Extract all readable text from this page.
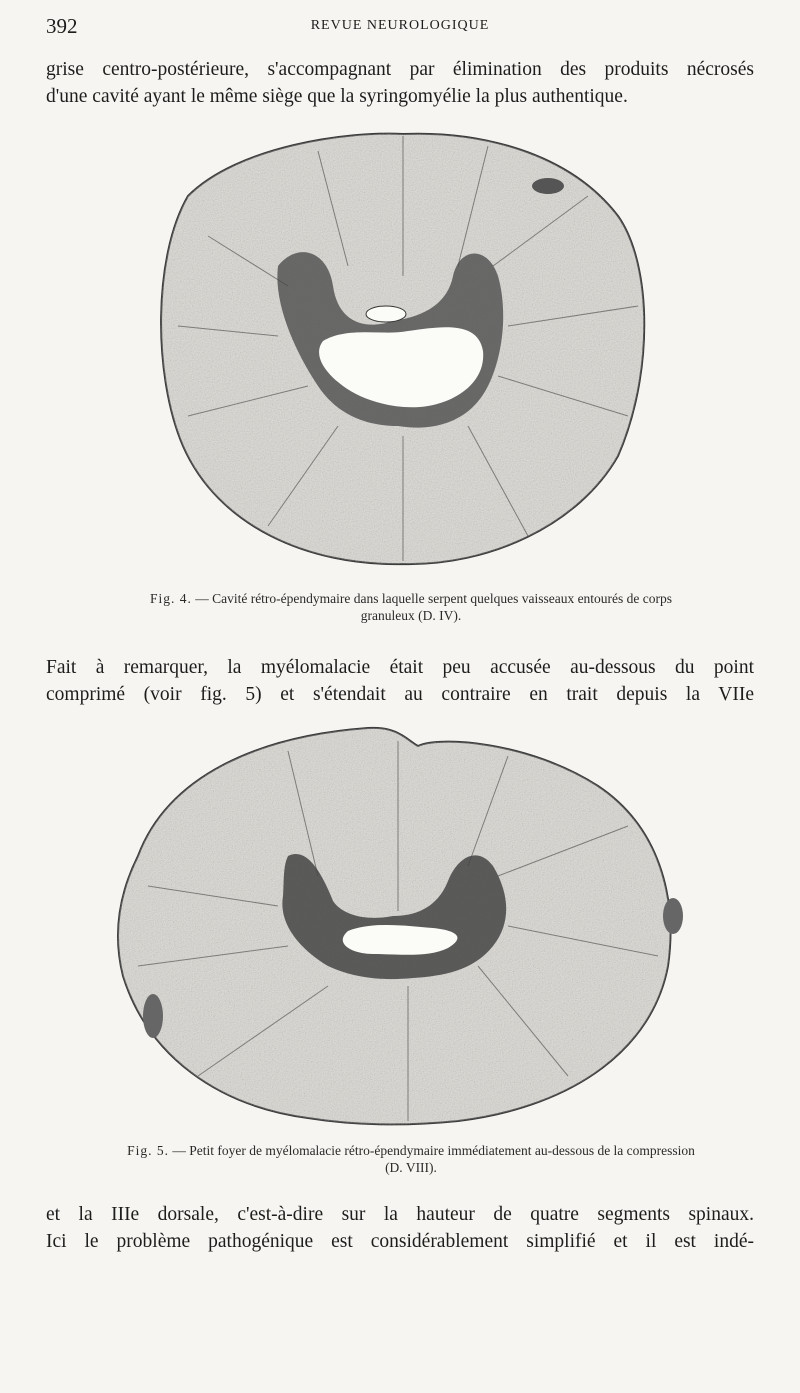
392	REVUE NEUROLOGIQUE

grise centro-postérieure, s'accompagnant par élimination des produits nécrosés

d'une cavité ayant le même siège que la syringomyélie la plus authentique.

Fig. 4. — Cavité rétro-épendymaire dans laquelle serpent quelques vaisseaux entourés de corps
granuleux (D. IV).

Fait à remarquer, la myélomalacie était peu accusée au-dessous du point

comprimé (voir fig. 5) et s'étendait au contraire en trait depuis la VIIe

Fig. 5. — Petit foyer de myélomalacie rétro-épendymaire immédiatement au-dessous de la compression
(D. VIII).

et la IIIe dorsale, c'est-à-dire sur la hauteur de quatre segments spinaux.

Ici le problème pathogénique est considérablement simplifié et il est indé-
